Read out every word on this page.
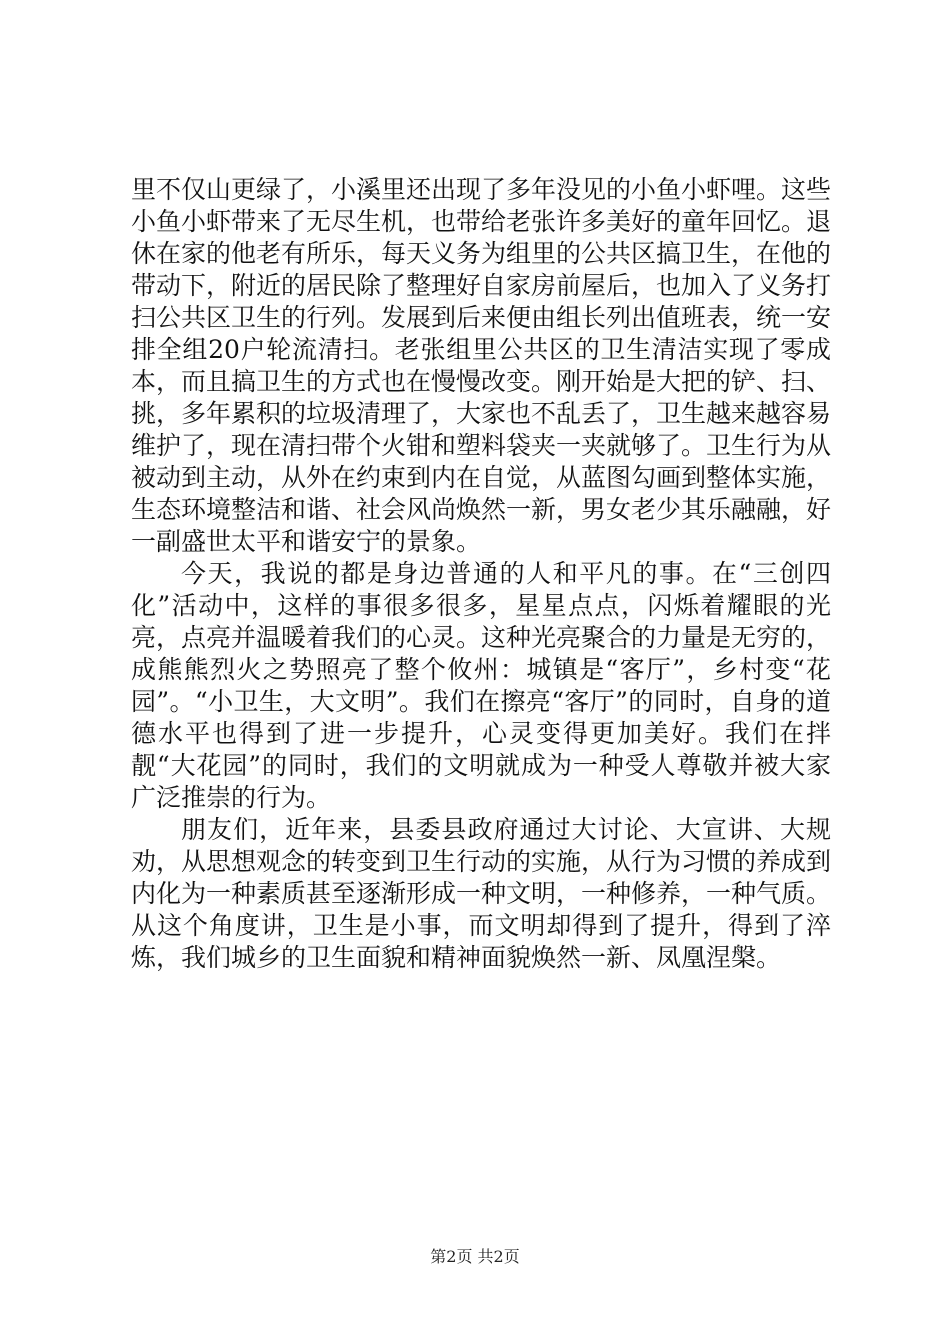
里不仅山更绿了，小溪里还出现了多年没见的小鱼小虾哩。这些小鱼小虾带来了无尽生机，也带给老张许多美好的童年回忆。退休在家的他老有所乐，每天义务为组里的公共区搞卫生，在他的带动下，附近的居民除了整理好自家房前屋后，也加入了义务打扫公共区卫生的行列。发展到后来便由组长列出值班表，统一安排全组20户轮流清扫。老张组里公共区的卫生清洁实现了零成本，而且搞卫生的方式也在慢慢改变。刚开始是大把的铲、扫、挑，多年累积的垃圾清理了，大家也不乱丢了，卫生越来越容易维护了，现在清扫带个火钳和塑料袋夹一夹就够了。卫生行为从被动到主动，从外在约束到内在自觉，从蓝图勾画到整体实施，生态环境整洁和谐、社会风尚焕然一新，男女老少其乐融融，好一副盛世太平和谐安宁的景象。

今天，我说的都是身边普通的人和平凡的事。在“三创四化”活动中，这样的事很多很多，星星点点，闪烁着耀眼的光亮，点亮并温暖着我们的心灵。这种光亮聚合的力量是无穷的，成熊熊烈火之势照亮了整个攸州：城镇是“客厅”，乡村变“花园”。“小卫生，大文明”。我们在擦亮“客厅”的同时，自身的道德水平也得到了进一步提升，心灵变得更加美好。我们在拌靓“大花园”的同时，我们的文明就成为一种受人尊敬并被大家广泛推崇的行为。

朋友们，近年来，县委县政府通过大讨论、大宣讲、大规劝，从思想观念的转变到卫生行动的实施，从行为习惯的养成到内化为一种素质甚至逐渐形成一种文明，一种修养，一种气质。从这个角度讲，卫生是小事，而文明却得到了提升，得到了淬炼，我们城乡的卫生面貌和精神面貌焕然一新、凤凰涅槃。

第2页 共2页
